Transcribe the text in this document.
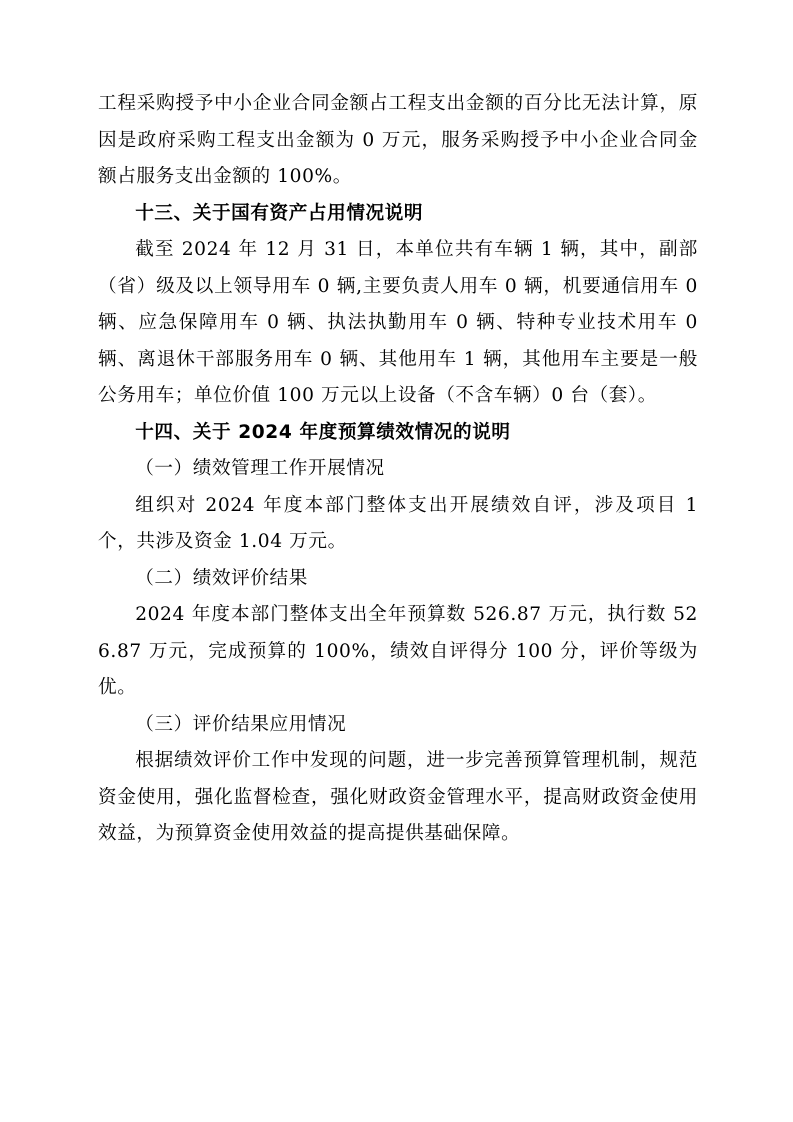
工程采购授予中小企业合同金额占工程支出金额的百分比无法计算，原因是政府采购工程支出金额为 0 万元，服务采购授予中小企业合同金额占服务支出金额的 100%。

十三、关于国有资产占用情况说明

截至 2024 年 12 月 31 日，本单位共有车辆 1 辆，其中，副部（省）级及以上领导用车 0 辆,主要负责人用车 0 辆，机要通信用车 0 辆、应急保障用车 0 辆、执法执勤用车 0 辆、特种专业技术用车 0 辆、离退休干部服务用车 0 辆、其他用车 1 辆，其他用车主要是一般公务用车；单位价值 100 万元以上设备（不含车辆）0 台（套）。

十四、关于 2024 年度预算绩效情况的说明

（一）绩效管理工作开展情况

组织对 2024 年度本部门整体支出开展绩效自评，涉及项目 1 个，共涉及资金 1.04 万元。

（二）绩效评价结果

2024 年度本部门整体支出全年预算数 526.87 万元，执行数 526.87 万元，完成预算的 100%，绩效自评得分 100 分，评价等级为优。

（三）评价结果应用情况

根据绩效评价工作中发现的问题，进一步完善预算管理机制，规范资金使用，强化监督检查，强化财政资金管理水平，提高财政资金使用效益，为预算资金使用效益的提高提供基础保障。
